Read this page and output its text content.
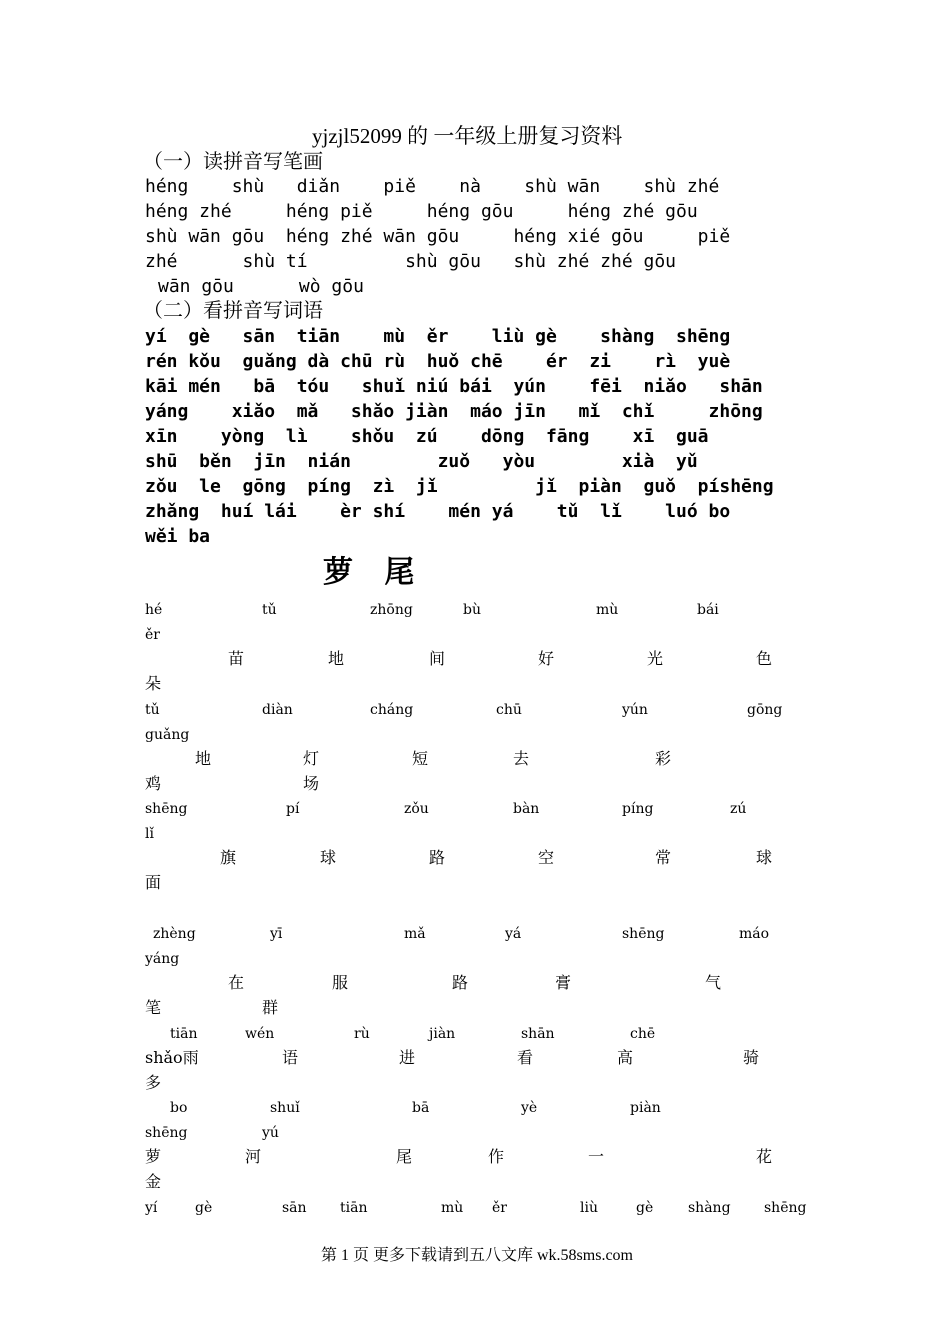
yjzjl52099 的 一年级上册复习资料
（一）读拼音写笔画
héng    shù   diǎn    piě    nà    shù wān    shù zhé
héng zhé     héng piě     héng gōu     héng zhé gōu
shù wān gōu  héng zhé wān gōu     héng xié gōu     piě
zhé      shù tí         shù gōu   shù zhé zhé gōu
wān gōu      wò gōu
（二）看拼音写词语
yí  gè   sān  tiān    mù  ěr    liù gè    shàng  shēng
rén kǒu  guǎng dà chū rù  huǒ chē    ér  zi    rì  yuè
kāi mén   bā  tóu   shuǐ niú bái  yún    fēi  niǎo   shān
yáng    xiǎo  mǎ   shǎo jiàn  máo jīn   mǐ  chǐ     zhōng
xīn    yòng  lì    shǒu  zú    dōng  fāng    xī  guā
shū  běn  jīn  nián        zuǒ   yòu        xià  yǔ
zǒu  le  gōng  píng  zì  jǐ         jǐ  piàn  guǒ  píshēng
zhǎng  huí lái    èr shí    mén yá    tǔ  lǐ    luó bo
wěi ba
萝   尾
hé	tǔ	zhōng	bù	mù	bái
ěr
苗	地	间	好	光	色
朵
tǔ	diàn	cháng	chū	yún	gōng
guǎng
地	灯	短	去	彩
鸡	场
shēng	pí	zǒu	bàn	píng	zú
lǐ
旗	球	路	空	常	球
面
zhèng	yī	mǎ	yá	shēng	máo
yáng
在	服	路	膏	气
笔	群
tiān	wén	rù	jiàn	shān	chē
shǎo雨	语	进	看	高	骑
多
bo	shuǐ	bā	yè	piàn
shēng	yú
萝	河	尾	作	一	花
金
yí	gè	sān tiān	mù ěr	liù	gè shàng shēng
第 1 页 更多下载请到五八文库 wk.58sms.com
